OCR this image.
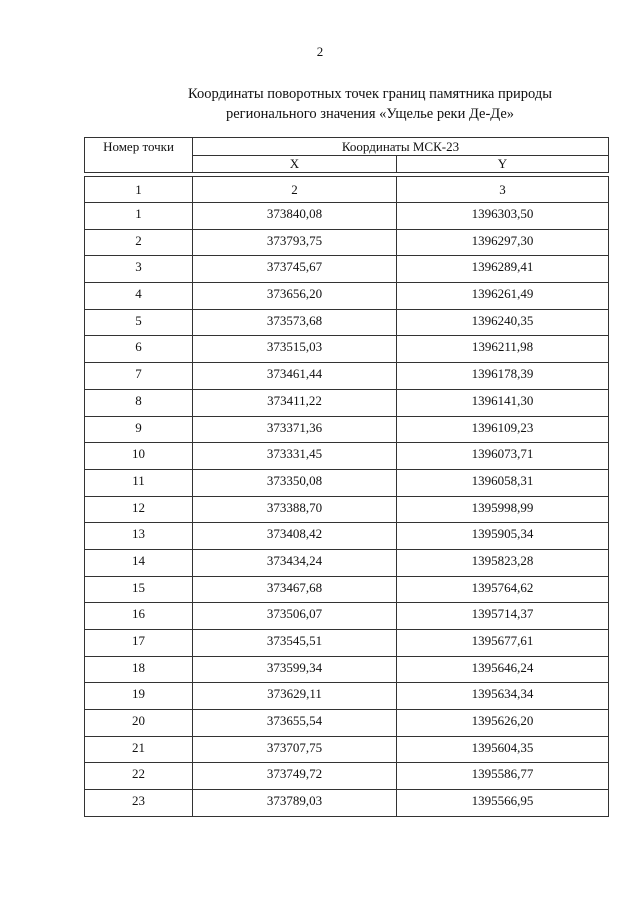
2
Координаты поворотных точек границ памятника природы
регионального значения «Ущелье реки Де-Де»
Номер точки	Координаты МСК-23	
	X	Y

1	2	3
1	373840,08	1396303,50
2	373793,75	1396297,30
3	373745,67	1396289,41
4	373656,20	1396261,49
5	373573,68	1396240,35
6	373515,03	1396211,98
7	373461,44	1396178,39
8	373411,22	1396141,30
9	373371,36	1396109,23
10	373331,45	1396073,71
11	373350,08	1396058,31
12	373388,70	1395998,99
13	373408,42	1395905,34
14	373434,24	1395823,28
15	373467,68	1395764,62
16	373506,07	1395714,37
17	373545,51	1395677,61
18	373599,34	1395646,24
19	373629,11	1395634,34
20	373655,54	1395626,20
21	373707,75	1395604,35
22	373749,72	1395586,77
23	373789,03	1395566,95
